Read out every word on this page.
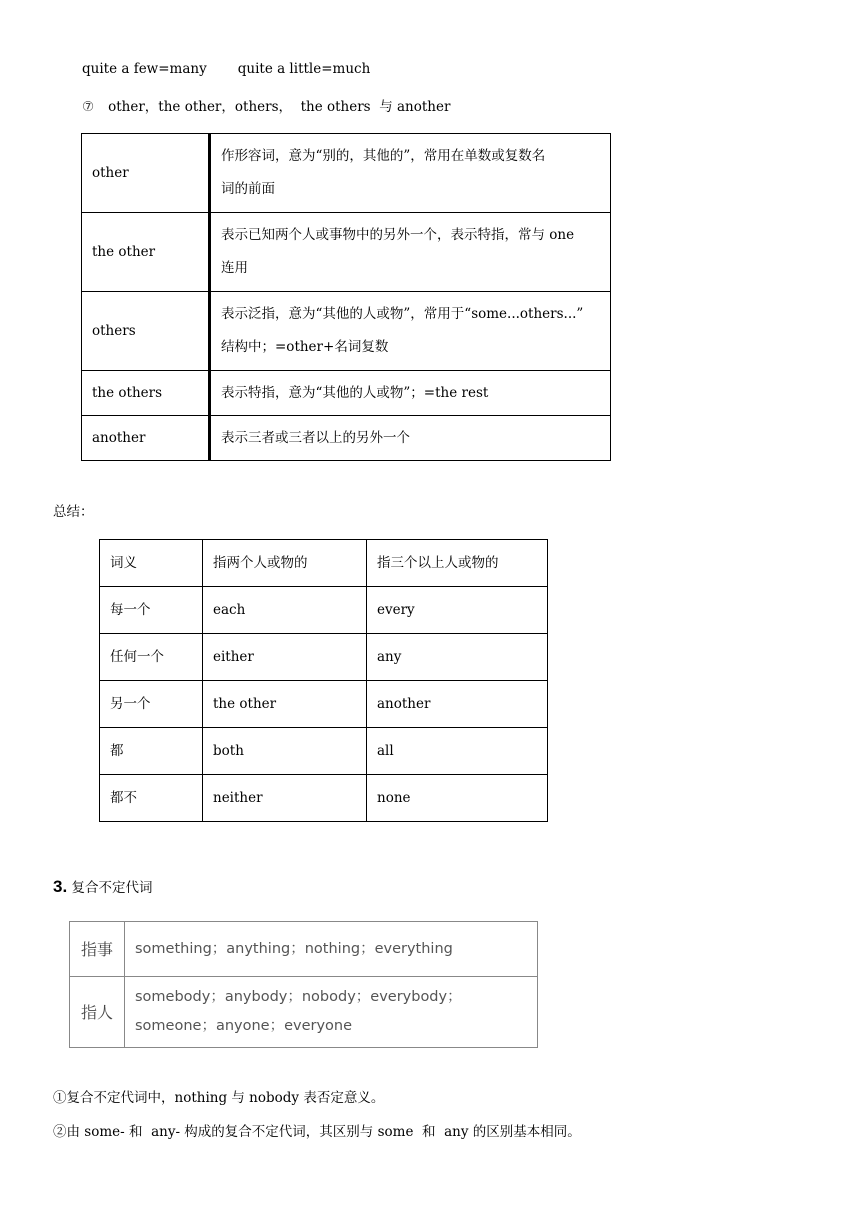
quite a few=many quite a little=much
⑦ other，the other，others，  the others  与 another
other	作形容词，意为“别的，其他的”，常用在单数或复数名
词的前面
the other	表示已知两个人或事物中的另外一个，表示特指，常与 one
连用
others	表示泛指，意为“其他的人或物”，常用于“some...others...”
结构中；=other+名词复数
the others	表示特指，意为“其他的人或物”；=the rest
another	表示三者或三者以上的另外一个
总结：
词义	指两个人或物的	指三个以上人或物的
每一个	each	every
任何一个	either	any
另一个	the other	another
都	both	all
都不	neither	none
3. 复合不定代词
指事	something；anything；nothing；everything
指人	somebody；anybody；nobody；everybody；
someone；anyone；everyone
①复合不定代词中，nothing 与 nobody 表否定意义。
②由 some- 和  any- 构成的复合不定代词，其区别与 some  和  any 的区别基本相同。
